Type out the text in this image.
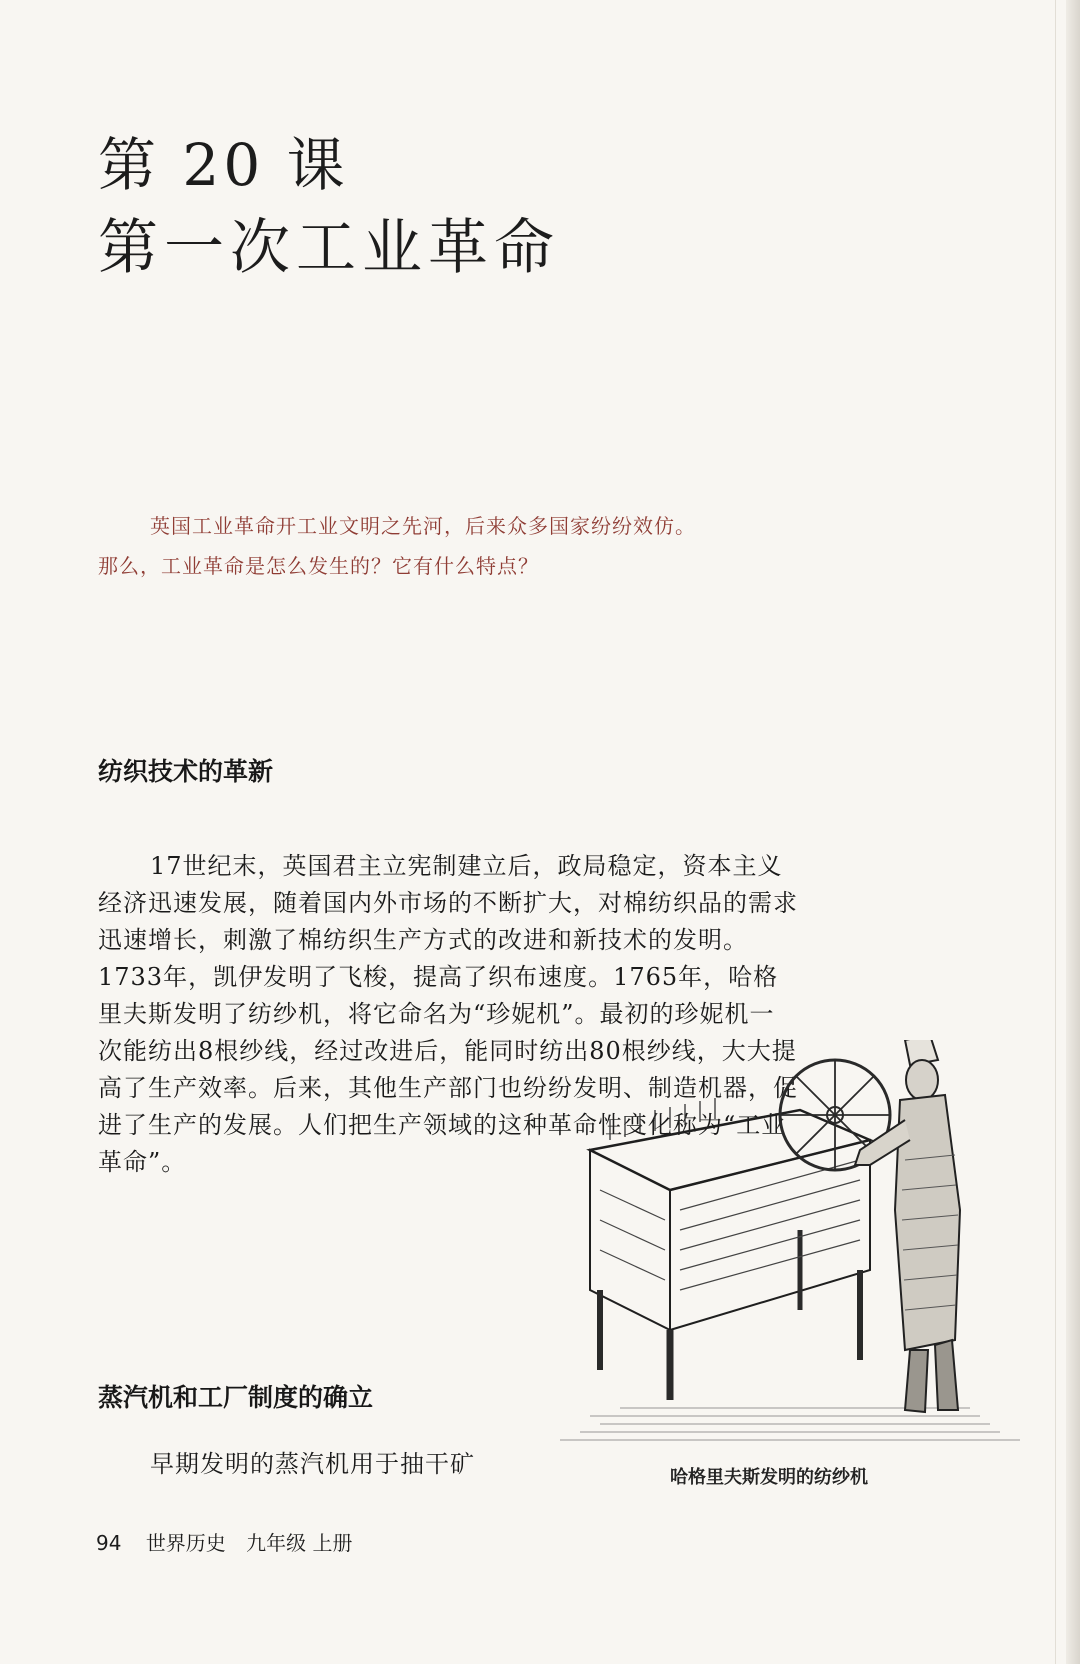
第 20 课
第一次工业革命
英国工业革命开工业文明之先河，后来众多国家纷纷效仿。那么，工业革命是怎么发生的？它有什么特点？
纺织技术的革新
17世纪末，英国君主立宪制建立后，政局稳定，资本主义经济迅速发展，随着国内外市场的不断扩大，对棉纺织品的需求迅速增长，刺激了棉纺织生产方式的改进和新技术的发明。1733年，凯伊发明了飞梭，提高了织布速度。1765年，哈格里夫斯发明了纺纱机，将它命名为“珍妮机”。最初的珍妮机一次能纺出8根纱线，经过改进后，能同时纺出80根纱线，大大提高了生产效率。后来，其他生产部门也纷纷发明、制造机器，促进了生产的发展。人们把生产领域的这种革命性变化称为“工业革命”。
蒸汽机和工厂制度的确立
早期发明的蒸汽机用于抽干矿	哈格里夫斯发明的纺纱机
94 世界历史 九年级 上册
